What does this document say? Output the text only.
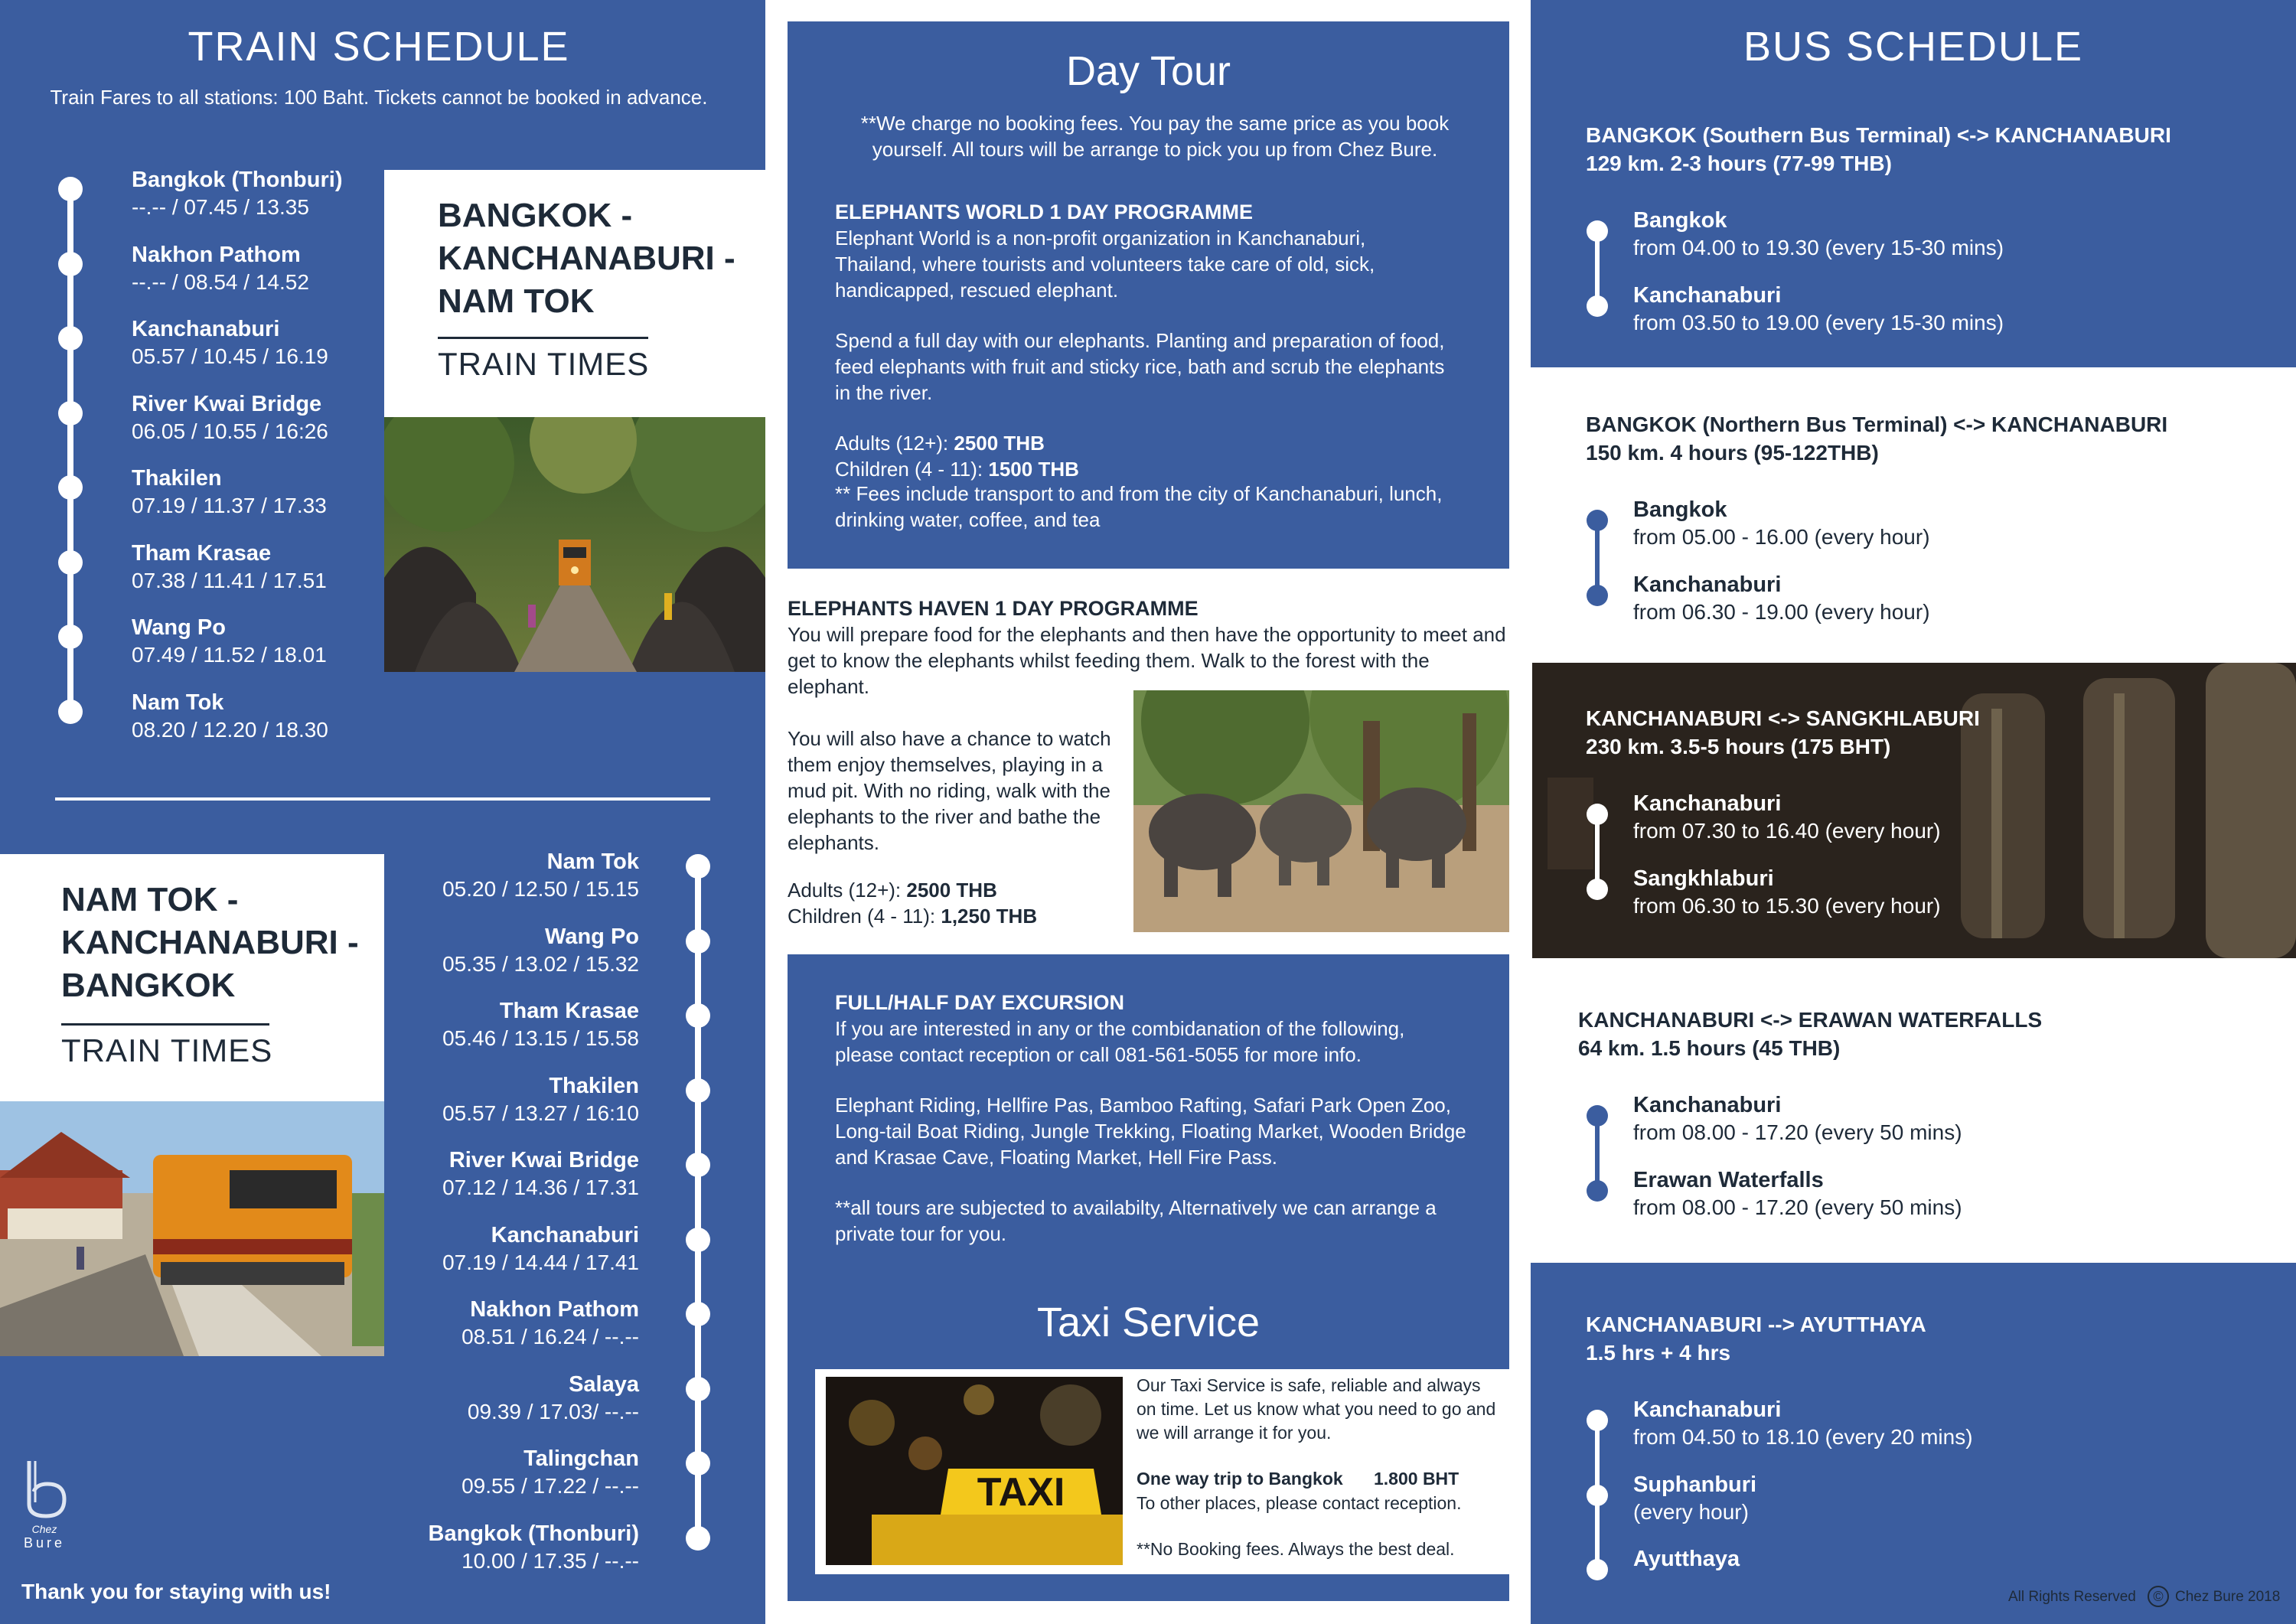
TRAIN SCHEDULE
Train Fares to all stations: 100 Baht. Tickets cannot be booked in advance.
BANGKOK - KANCHANABURI - NAM TOK
TRAIN TIMES
NAM TOK - KANCHANABURI - BANGKOK
TRAIN TIMES
Chez
Bure
Thank you for staying with us!
Day Tour
**We charge no booking fees. You pay the same price as you book yourself. All tours will be arrange to pick you up from Chez Bure.
ELEPHANTS WORLD 1 DAY PROGRAMME
Elephant World is a non-profit organization in Kanchanaburi, Thailand, where tourists and volunteers take care of old, sick, handicapped, rescued elephant.
Spend a full day with our elephants. Planting and preparation of food, feed elephants with fruit and sticky rice, bath and scrub the elephants in the river.
Adults (12+): 2500 THB
Children (4 - 11): 1500 THB
** Fees include transport to and from the city of Kanchanaburi, lunch, drinking water, coffee, and tea
ELEPHANTS HAVEN 1 DAY PROGRAMME
You will prepare food for the elephants and then have the opportunity to meet and get to know the elephants whilst feeding them. Walk to the forest with the elephant.
You will also have a chance to watch them enjoy themselves, playing in a mud pit. With no riding, walk with the elephants to the river and bathe the elephants.
Adults (12+): 2500 THB
Children (4 - 11): 1,250 THB
FULL/HALF DAY EXCURSION
If you are interested in any or the combidanation of the following, please contact reception or call 081-561-5055 for more info.
Elephant Riding, Hellfire Pas, Bamboo Rafting, Safari Park Open Zoo, Long-tail Boat Riding, Jungle Trekking, Floating Market, Wooden Bridge and Krasae Cave, Floating Market, Hell Fire Pass.
**all tours are subjected to availabilty, Alternatively we can arrange a private tour for you.
Taxi Service
TAXI
Our Taxi Service is safe, reliable and always on time. Let us know what you need to go and we will arrange it for you.
One way trip to Bangkok 1.800 BHT
To other places, please contact reception.
**No Booking fees. Always the best deal.
BUS SCHEDULE
All Rights Reserved	© Chez Bure 2018
Bangkok (Thonburi)
--.-- / 07.45 / 13.35
Nakhon Pathom
--.-- / 08.54 / 14.52
Kanchanaburi
05.57 / 10.45 / 16.19
River Kwai Bridge
06.05 / 10.55 / 16:26
Thakilen
07.19 / 11.37 / 17.33
Tham Krasae
07.38 / 11.41 / 17.51
Wang Po
07.49 / 11.52 / 18.01
Nam Tok
08.20 / 12.20 / 18.30
Nam Tok
05.20 / 12.50 / 15.15
Wang Po
05.35 / 13.02 / 15.32
Tham Krasae
05.46 / 13.15 / 15.58
Thakilen
05.57 / 13.27 / 16:10
River Kwai Bridge
07.12 / 14.36 / 17.31
Kanchanaburi
07.19 / 14.44 / 17.41
Nakhon Pathom
08.51 / 16.24 / --.--
Salaya
09.39 / 17.03/ --.--
Talingchan
09.55 / 17.22 / --.--
Bangkok (Thonburi)
10.00 / 17.35 / --.--
BANGKOK (Southern Bus Terminal) <-> KANCHANABURI
129 km. 2-3 hours (77-99 THB)
Bangkok
from 04.00 to 19.30 (every 15-30 mins)
Kanchanaburi
from 03.50 to 19.00 (every 15-30 mins)
BANGKOK (Northern Bus Terminal) <-> KANCHANABURI
150 km. 4 hours (95-122THB)
Bangkok
from 05.00 - 16.00 (every hour)
Kanchanaburi
from 06.30 - 19.00 (every hour)
KANCHANABURI <-> SANGKHLABURI
230 km. 3.5-5 hours (175 BHT)
Kanchanaburi
from 07.30 to 16.40 (every hour)
Sangkhlaburi
from 06.30 to 15.30 (every hour)
KANCHANABURI <-> ERAWAN WATERFALLS
64 km. 1.5 hours (45 THB)
Kanchanaburi
from 08.00 - 17.20 (every 50 mins)
Erawan Waterfalls
from 08.00 - 17.20 (every 50 mins)
KANCHANABURI --> AYUTTHAYA
1.5 hrs + 4 hrs
Kanchanaburi
from 04.50 to 18.10 (every 20 mins)
Suphanburi
(every hour)
Ayutthaya
